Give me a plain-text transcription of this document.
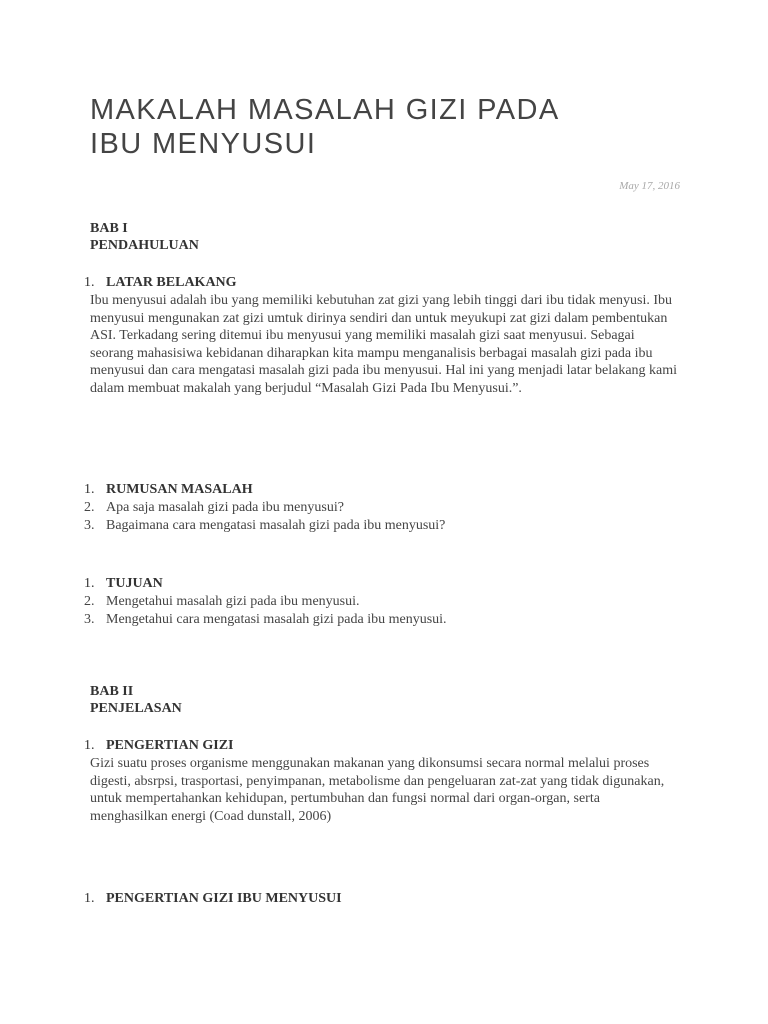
MAKALAH MASALAH GIZI PADA
IBU MENYUSUI
May 17, 2016
BAB I
PENDAHULUAN
1. LATAR BELAKANG

Ibu menyusui adalah ibu yang memiliki kebutuhan zat gizi yang lebih tinggi dari ibu tidak menyusi. Ibu menyusui mengunakan zat gizi umtuk dirinya sendiri dan untuk meyukupi zat gizi dalam pembentukan ASI. Terkadang sering ditemui ibu menyusui yang memiliki masalah gizi saat menyusui. Sebagai seorang mahasisiwa kebidanan diharapkan kita mampu menganalisis berbagai masalah gizi pada ibu menyusui dan cara mengatasi masalah gizi pada ibu menyusui. Hal ini yang menjadi latar belakang kami dalam membuat makalah yang berjudul “Masalah Gizi Pada Ibu Menyusui.”.

1. RUMUSAN MASALAH
2. Apa saja masalah gizi pada ibu menyusui?
3. Bagaimana cara mengatasi masalah gizi pada ibu menyusui?
1. TUJUAN
2. Mengetahui masalah gizi pada ibu menyusui.
3. Mengetahui cara mengatasi masalah gizi pada ibu menyusui.
BAB II
PENJELASAN
1. PENGERTIAN GIZI

Gizi suatu proses organisme menggunakan makanan yang dikonsumsi secara normal melalui proses digesti, absrpsi, trasportasi, penyimpanan, metabolisme dan pengeluaran zat-zat yang tidak digunakan, untuk mempertahankan kehidupan, pertumbuhan dan fungsi normal dari organ-organ, serta menghasilkan energi (Coad dunstall, 2006)

1. PENGERTIAN GIZI IBU MENYUSUI
